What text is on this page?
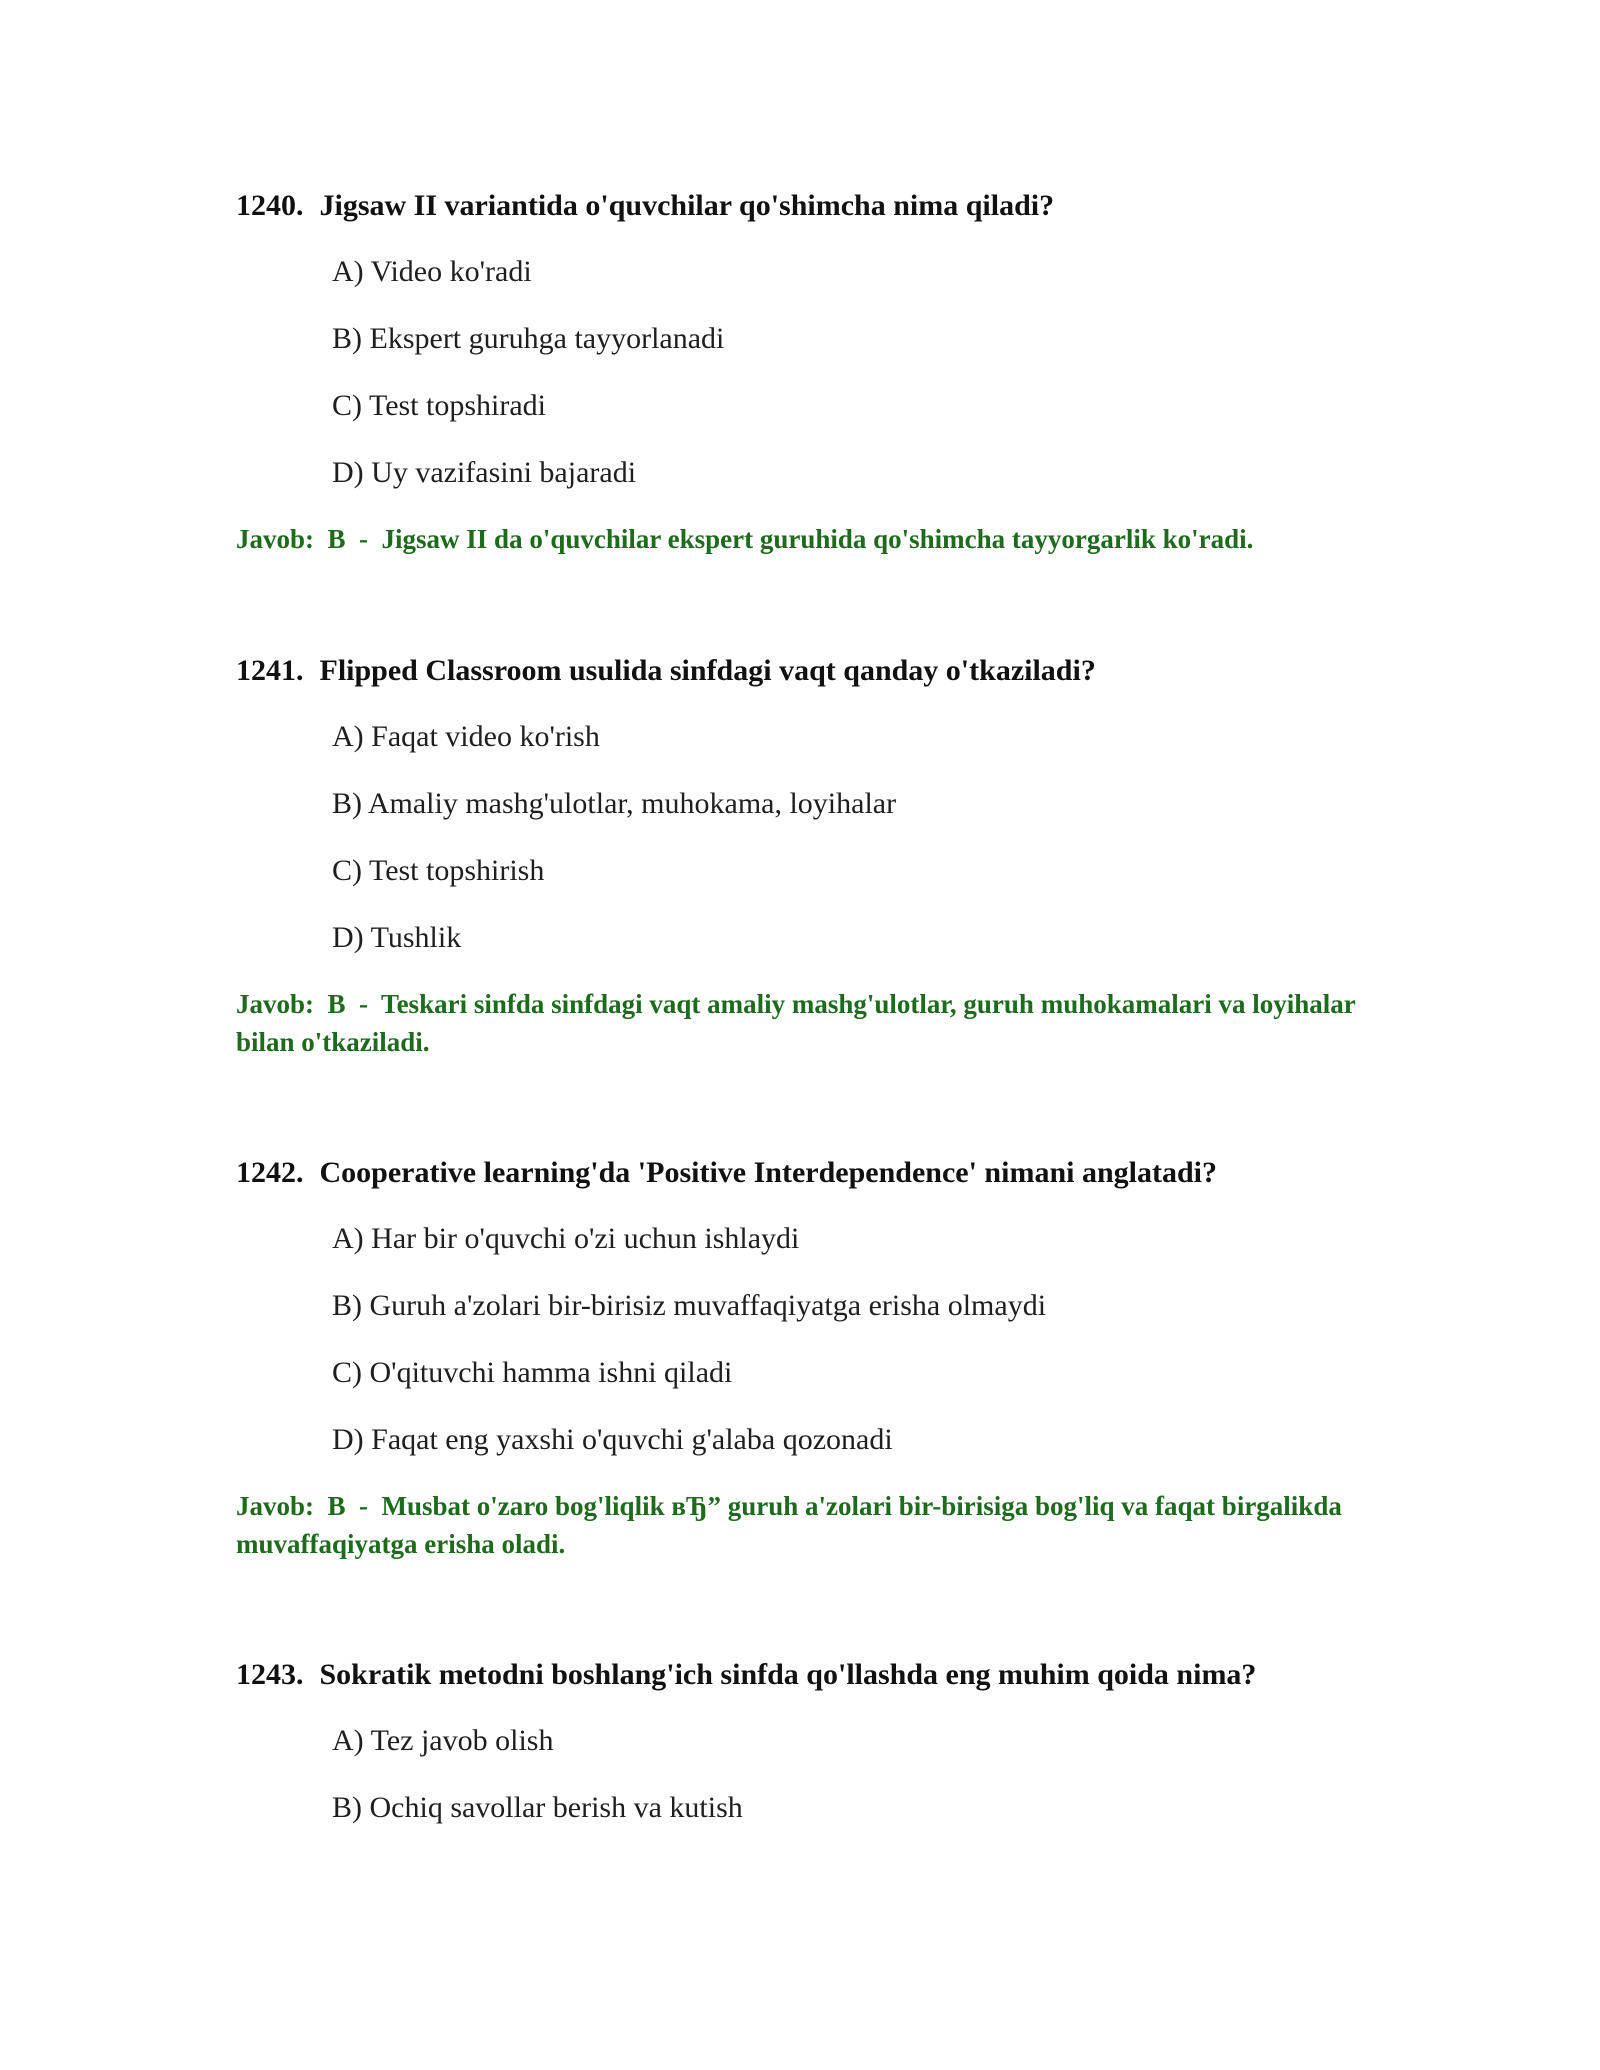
1240. Jigsaw II variantida o'quvchilar qo'shimcha nima qiladi?

A) Video ko'radi

B) Ekspert guruhga tayyorlanadi

C) Test topshiradi

D) Uy vazifasini bajaradi

Javob: B - Jigsaw II da o'quvchilar ekspert guruhida qo'shimcha tayyorgarlik ko'radi.

1241. Flipped Classroom usulida sinfdagi vaqt qanday o'tkaziladi?

A) Faqat video ko'rish

B) Amaliy mashg'ulotlar, muhokama, loyihalar

C) Test topshirish

D) Tushlik

Javob: B - Teskari sinfda sinfdagi vaqt amaliy mashg'ulotlar, guruh muhokamalari va loyihalar bilan o'tkaziladi.

1242. Cooperative learning'da 'Positive Interdependence' nimani anglatadi?

A) Har bir o'quvchi o'zi uchun ishlaydi

B) Guruh a'zolari bir-birisiz muvaffaqiyatga erisha olmaydi

C) O'qituvchi hamma ishni qiladi

D) Faqat eng yaxshi o'quvchi g'alaba qozonadi

Javob: B - Musbat o'zaro bog'liqlik вЂ” guruh a'zolari bir-birisiga bog'liq va faqat birgalikda muvaffaqiyatga erisha oladi.

1243. Sokratik metodni boshlang'ich sinfda qo'llashda eng muhim qoida nima?

A) Tez javob olish

B) Ochiq savollar berish va kutish
